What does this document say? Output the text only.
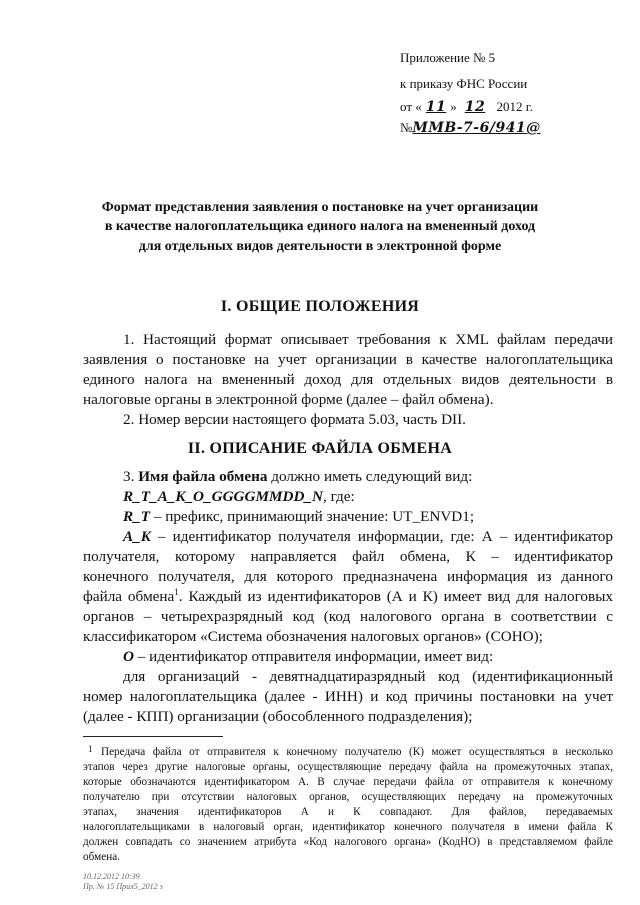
Приложение № 5
к приказу ФНС России
от « 11 » 12 2012 г.
№ММВ-7-6/941@
Формат представления заявления о постановке на учет организации
в качестве налогоплательщика единого налога на вмененный доход
для отдельных видов деятельности в электронной форме
I. ОБЩИЕ ПОЛОЖЕНИЯ
1. Настоящий формат описывает требования к XML файлам передачи
заявления о постановке на учет организации в качестве налогоплательщика
единого налога на вмененный доход для отдельных видов деятельности в
налоговые органы в электронной форме (далее – файл обмена).
2. Номер версии настоящего формата 5.03, часть DII.
II. ОПИСАНИЕ ФАЙЛА ОБМЕНА
3. Имя файла обмена должно иметь следующий вид:
R_T_A_K_O_GGGGMMDD_N, где:
R_T – префикс, принимающий значение: UT_ENVD1;
A_K – идентификатор получателя информации, где: А – идентификатор
получателя, которому направляется файл обмена, К – идентификатор
конечного получателя, для которого предназначена информация из данного
файла обмена$^1$. Каждый из идентификаторов (А и К) имеет вид для налоговых
органов – четырехразрядный код (код налогового органа в соответствии с
классификатором «Система обозначения налоговых органов» (СОНО);
O – идентификатор отправителя информации, имеет вид:
для организаций - девятнадцатиразрядный код (идентификационный
номер налогоплательщика (далее - ИНН) и код причины постановки на учет
(далее - КПП) организации (обособленного подразделения);
1 Передача файла от отправителя к конечному получателю (К) может осуществляться в несколько
этапов через другие налоговые органы, осуществляющие передачу файла на промежуточных этапах,
которые обозначаются идентификатором А. В случае передачи файла от отправителя к конечному
получателю при отсутствии налоговых органов, осуществляющих передачу на промежуточных
этапах, значения идентификаторов А и К совпадают. Для файлов, передаваемых
налогоплательщиками в налоговый орган, идентификатор конечного получателя в имени файла К
должен совпадать со значением атрибута «Код налогового органа» (КодНО) в представляемом файле
обмена.
10.12.2012 10:39
Пр. № 15 Прил5_2012 з
